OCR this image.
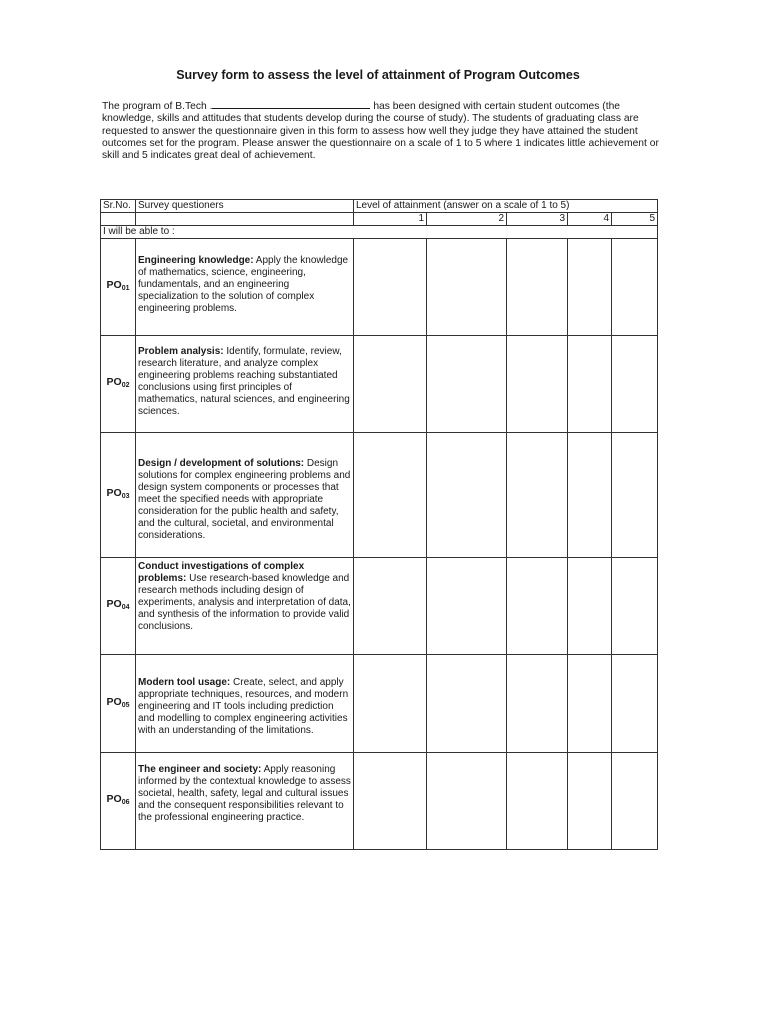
Survey form to assess the level of attainment of Program Outcomes
The program of B.Tech .	has been designed with certain student outcomes (the knowledge, skills and attitudes that students develop during the course of study). The students of graduating class are requested to answer the questionnaire given in this form to assess how well they judge they have attained the student outcomes set for the program. Please answer the questionnaire on a scale of 1 to 5 where 1 indicates little achievement or skill and 5 indicates great deal of achievement.
Sr.No.	Survey questioners	Level of attainment (answer on a scale of 1 to 5)				
		1	2	3	4	5
I will be able to :						
$PO_{01}$	Engineering knowledge: Apply the knowledge of mathematics, science, engineering, fundamentals, and an engineering specialization to the solution of complex engineering problems.					

$PO_{02}$	Problem analysis: Identify, formulate, review, research literature, and analyze complex engineering problems reaching substantiated conclusions using first principles of mathematics, natural sciences, and engineering sciences.					

$PO_{03}$	Design / development of solutions: Design solutions for complex engineering problems and design system components or processes that meet the specified needs with appropriate consideration for the public health and safety, and the cultural, societal, and environmental considerations.					

$PO_{04}$	Conduct investigations of complex problems: Use research-based knowledge and research methods including design of experiments, analysis and interpretation of data, and synthesis of the information to provide valid conclusions.					

$PO_{05}$	Modern tool usage: Create, select, and apply appropriate techniques, resources, and modern engineering and IT tools including prediction and modelling to complex engineering activities with an understanding of the limitations.					

$PO_{06}$	The engineer and society: Apply reasoning informed by the contextual knowledge to assess societal, health, safety, legal and cultural issues and the consequent responsibilities relevant to the professional engineering practice.					
